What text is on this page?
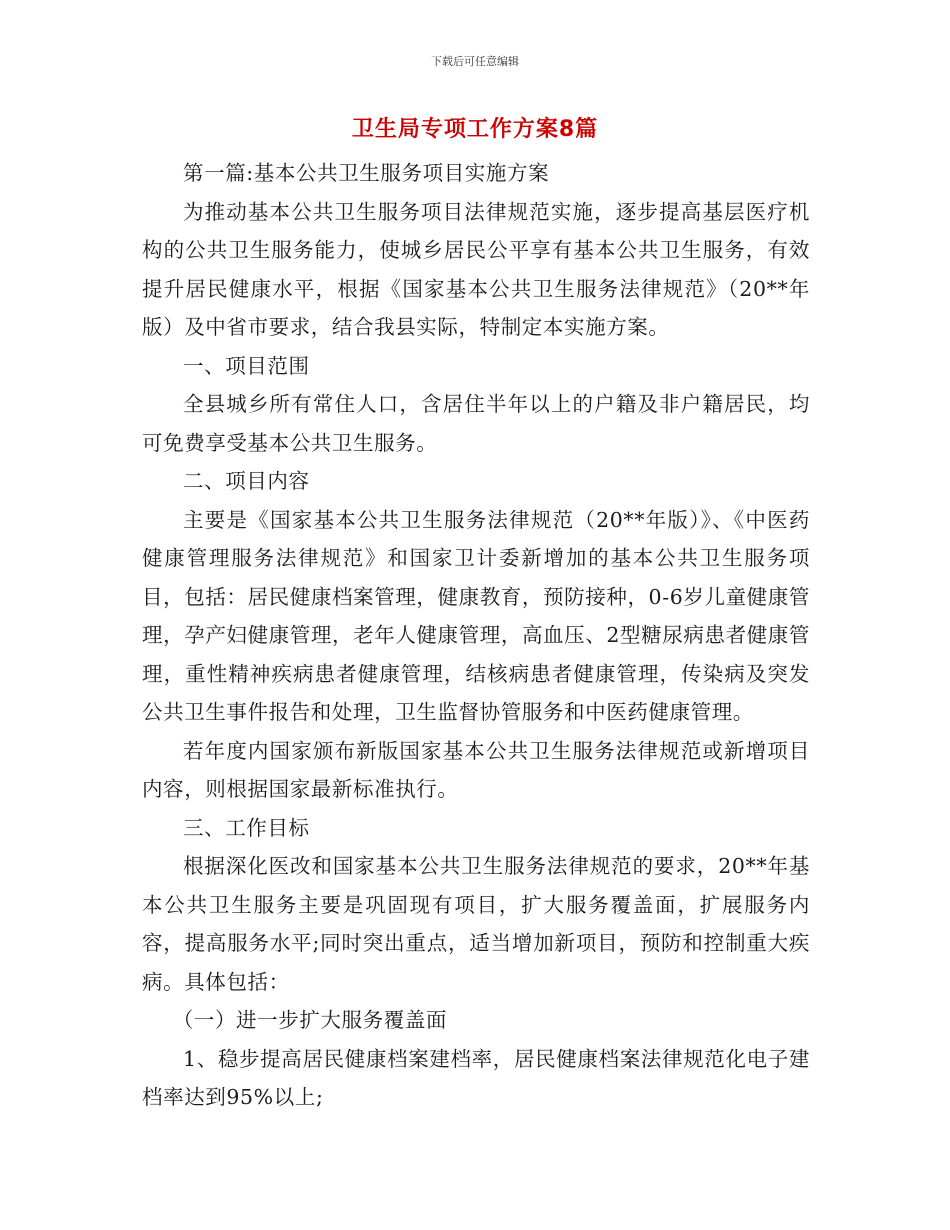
下载后可任意编辑
卫生局专项工作方案8篇

第一篇:基本公共卫生服务项目实施方案

为推动基本公共卫生服务项目法律规范实施，逐步提高基层医疗机构的公共卫生服务能力，使城乡居民公平享有基本公共卫生服务，有效提升居民健康水平，根据《国家基本公共卫生服务法律规范》（20**年版）及中省市要求，结合我县实际，特制定本实施方案。

一、项目范围

全县城乡所有常住人口，含居住半年以上的户籍及非户籍居民，均可免费享受基本公共卫生服务。

二、项目内容

主要是《国家基本公共卫生服务法律规范（20**年版）》、《中医药健康管理服务法律规范》和国家卫计委新增加的基本公共卫生服务项目，包括：居民健康档案管理，健康教育，预防接种，0-6岁儿童健康管理，孕产妇健康管理，老年人健康管理，高血压、2型糖尿病患者健康管理，重性精神疾病患者健康管理，结核病患者健康管理，传染病及突发公共卫生事件报告和处理，卫生监督协管服务和中医药健康管理。

若年度内国家颁布新版国家基本公共卫生服务法律规范或新增项目内容，则根据国家最新标准执行。

三、工作目标

根据深化医改和国家基本公共卫生服务法律规范的要求，20**年基本公共卫生服务主要是巩固现有项目，扩大服务覆盖面，扩展服务内容，提高服务水平;同时突出重点，适当增加新项目，预防和控制重大疾病。具体包括：

（一）进一步扩大服务覆盖面

1、稳步提高居民健康档案建档率，居民健康档案法律规范化电子建档率达到95%以上;
